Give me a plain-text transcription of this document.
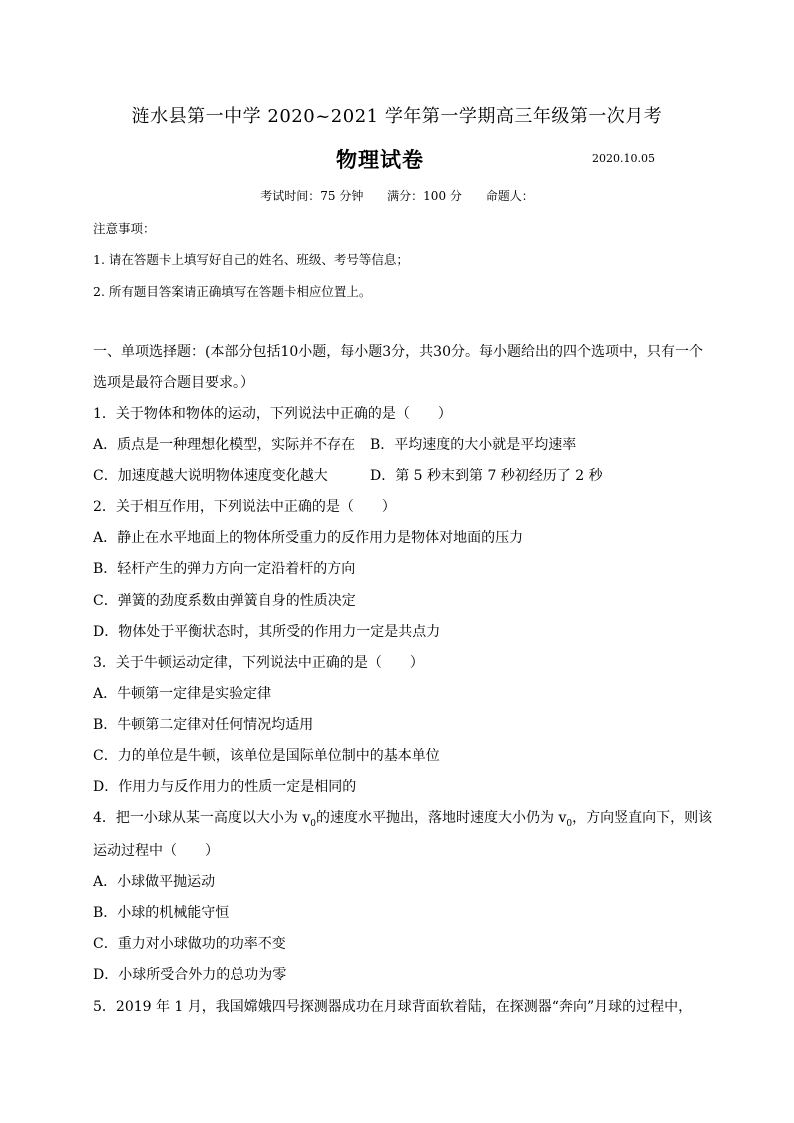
涟水县第一中学 2020~2021 学年第一学期高三年级第一次月考
物理试卷	2020.10.05
考试时间：75 分钟 满分：100 分 命题人：
注意事项：
1. 请在答题卡上填写好自己的姓名、班级、考号等信息；
2. 所有题目答案请正确填写在答题卡相应位置上。
一、单项选择题：(本部分包括10小题，每小题3分，共30分。每小题给出的四个选项中，只有一个
选项是最符合题目要求。）
1．关于物体和物体的运动，下列说法中正确的是（　　）
A．质点是一种理想化模型，实际并不存在 B．平均速度的大小就是平均速率
C．加速度越大说明物体速度变化越大	D．第 5 秒末到第 7 秒初经历了 2 秒
2．关于相互作用，下列说法中正确的是（　　）
A．静止在水平地面上的物体所受重力的反作用力是物体对地面的压力
B．轻杆产生的弹力方向一定沿着杆的方向
C．弹簧的劲度系数由弹簧自身的性质决定
D．物体处于平衡状态时，其所受的作用力一定是共点力
3．关于牛顿运动定律，下列说法中正确的是（　　）
A．牛顿第一定律是实验定律
B．牛顿第二定律对任何情况均适用
C．力的单位是牛顿，该单位是国际单位制中的基本单位
D．作用力与反作用力的性质一定是相同的
4．把一小球从某一高度以大小为 $v_0$的速度水平抛出，落地时速度大小仍为 $v_0$，方向竖直向下，则该
运动过程中（　　）
A．小球做平抛运动
B．小球的机械能守恒
C．重力对小球做功的功率不变
D．小球所受合外力的总功为零
5．2019 年 1 月，我国嫦娥四号探测器成功在月球背面软着陆，在探测器“奔向”月球的过程中，
